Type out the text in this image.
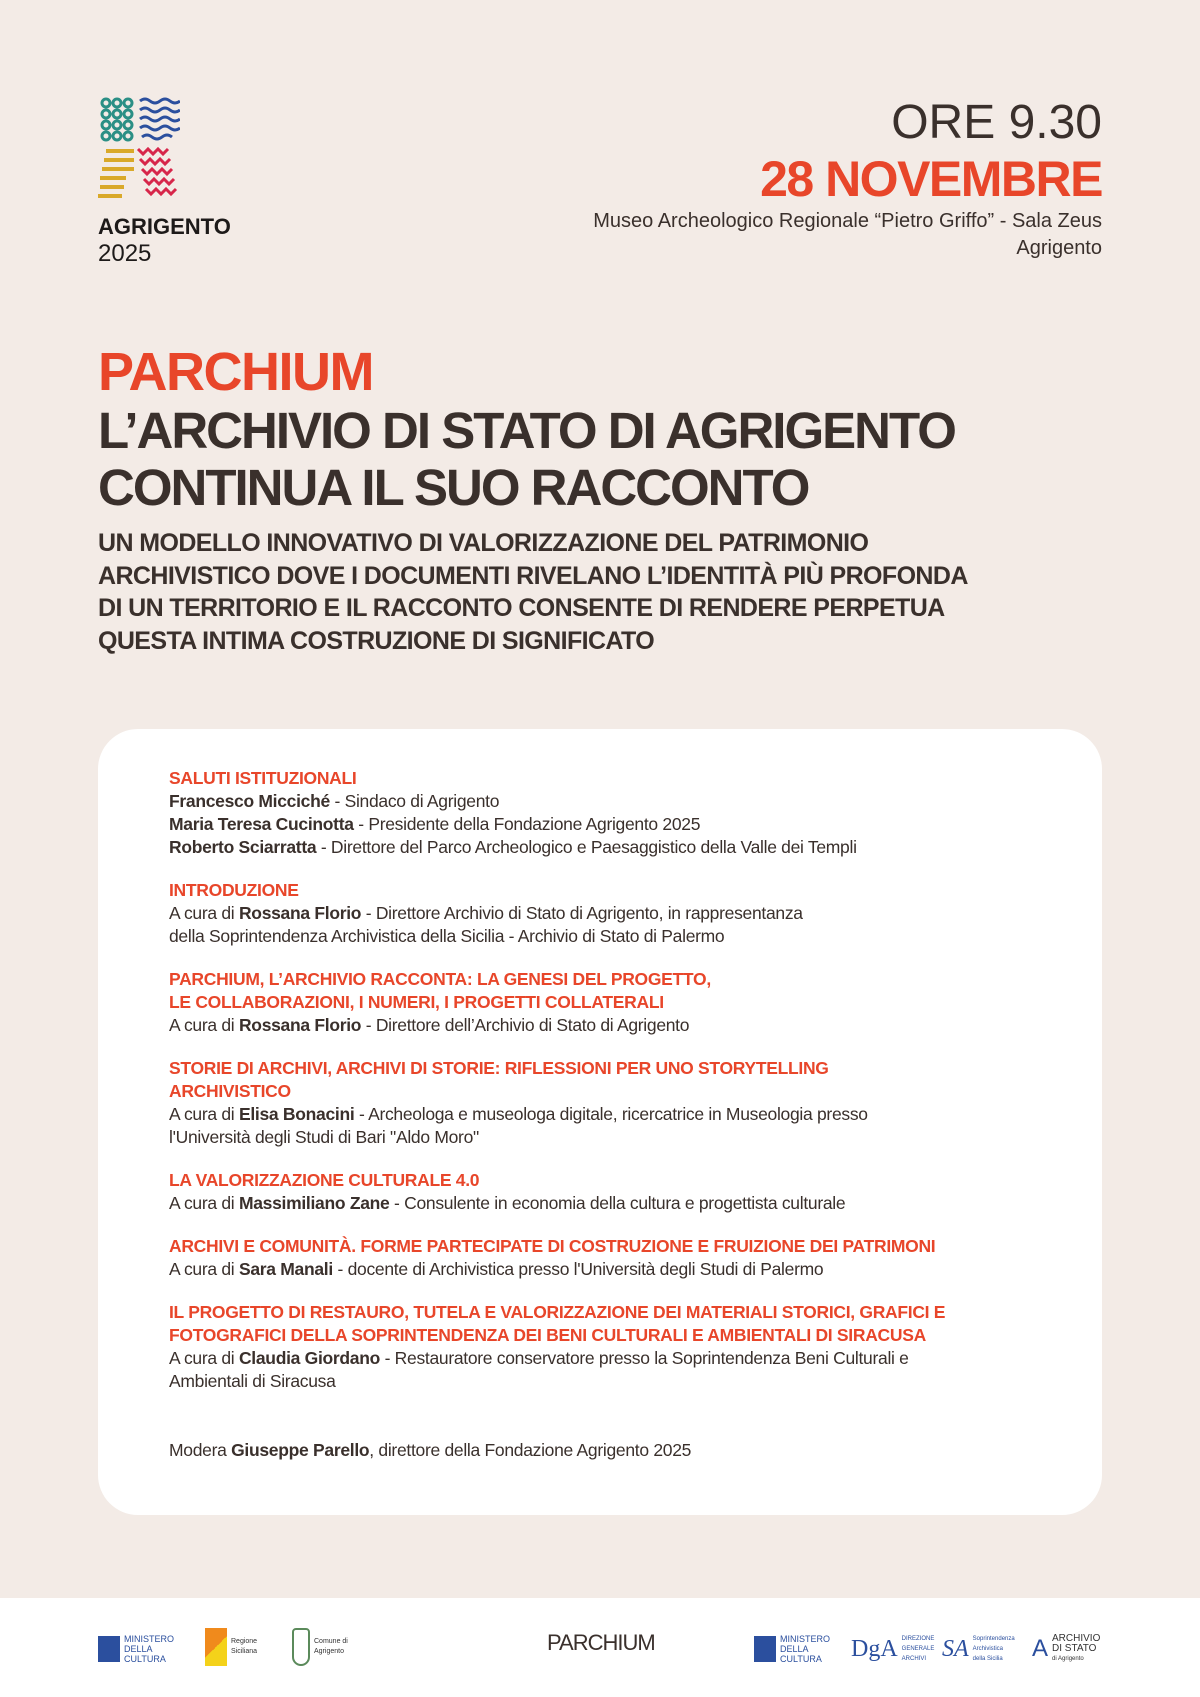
AGRIGENTO
2025
ORE 9.30
28 NOVEMBRE
Museo Archeologico Regionale “Pietro Griffo” - Sala Zeus
Agrigento
PARCHIUM
L’ARCHIVIO DI STATO DI AGRIGENTO
CONTINUA IL SUO RACCONTO
UN MODELLO INNOVATIVO DI VALORIZZAZIONE DEL PATRIMONIO
ARCHIVISTICO DOVE I DOCUMENTI RIVELANO L’IDENTITÀ PIÙ PROFONDA
DI UN TERRITORIO E IL RACCONTO CONSENTE DI RENDERE PERPETUA
QUESTA INTIMA COSTRUZIONE DI SIGNIFICATO
SALUTI ISTITUZIONALI
Francesco Micciché - Sindaco di Agrigento
Maria Teresa Cucinotta - Presidente della Fondazione Agrigento 2025
Roberto Sciarratta - Direttore del Parco Archeologico e Paesaggistico della Valle dei Templi
INTRODUZIONE
A cura di Rossana Florio - Direttore Archivio di Stato di Agrigento, in rappresentanza
della Soprintendenza Archivistica della Sicilia - Archivio di Stato di Palermo
PARCHIUM, L’ARCHIVIO RACCONTA: LA GENESI DEL PROGETTO,
LE COLLABORAZIONI, I NUMERI, I PROGETTI COLLATERALI
A cura di Rossana Florio - Direttore dell’Archivio di Stato di Agrigento
STORIE DI ARCHIVI, ARCHIVI DI STORIE: RIFLESSIONI PER UNO STORYTELLING
ARCHIVISTICO
A cura di Elisa Bonacini - Archeologa e museologa digitale, ricercatrice in Museologia presso
l'Università degli Studi di Bari "Aldo Moro"
LA VALORIZZAZIONE CULTURALE 4.0
A cura di Massimiliano Zane - Consulente in economia della cultura e progettista culturale
ARCHIVI E COMUNITÀ. FORME PARTECIPATE DI COSTRUZIONE E FRUIZIONE DEI PATRIMONI
A cura di Sara Manali - docente di Archivistica presso l'Università degli Studi di Palermo
IL PROGETTO DI RESTAURO, TUTELA E VALORIZZAZIONE DEI MATERIALI STORICI, GRAFICI E
FOTOGRAFICI DELLA SOPRINTENDENZA DEI BENI CULTURALI E AMBIENTALI DI SIRACUSA
A cura di Claudia Giordano - Restauratore conservatore presso la Soprintendenza Beni Culturali e
Ambientali di Siracusa
Modera Giuseppe Parello, direttore della Fondazione Agrigento 2025
MINISTERO
DELLA
CULTURA
Regione
Siciliana
Comune di
Agrigento	PARCHIUM	MINISTERO
DELLA
CULTURA	DgA DIREZIONE
GENERALE
ARCHIVI SA Soprintendenza
Archivistica
della Sicilia	A ARCHIVIO
DI STATO
di Agrigento
